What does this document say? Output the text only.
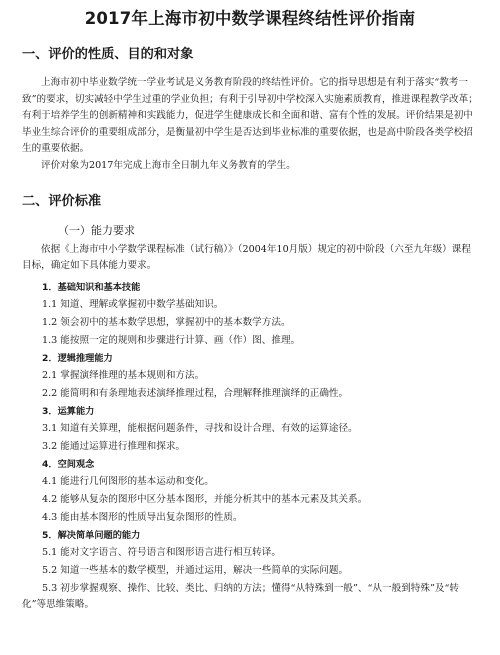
2017年上海市初中数学课程终结性评价指南
一、评价的性质、目的和对象

上海市初中毕业数学统一学业考试是义务教育阶段的终结性评价。它的指导思想是有利于落实“教考一致”的要求，切实减轻中学生过重的学业负担；有利于引导初中学校深入实施素质教育，推进课程教学改革；有利于培养学生的创新精神和实践能力，促进学生健康成长和全面和谐、富有个性的发展。评价结果是初中毕业生综合评价的重要组成部分，是衡量初中学生是否达到毕业标准的重要依据，也是高中阶段各类学校招生的重要依据。

评价对象为2017年完成上海市全日制九年义务教育的学生。

二、评价标准
（一）能力要求

依据《上海市中小学数学课程标准（试行稿）》（2004年10月版）规定的初中阶段（六至九年级）课程目标，确定如下具体能力要求。

1．基础知识和基本技能
1.1 知道、理解或掌握初中数学基础知识。
1.2 领会初中的基本数学思想，掌握初中的基本数学方法。
1.3 能按照一定的规则和步骤进行计算、画（作）图、推理。
2．逻辑推理能力
2.1 掌握演绎推理的基本规则和方法。
2.2 能简明和有条理地表述演绎推理过程，合理解释推理演绎的正确性。
3．运算能力
3.1 知道有关算理，能根据问题条件，寻找和设计合理、有效的运算途径。
3.2 能通过运算进行推理和探求。
4．空间观念
4.1 能进行几何图形的基本运动和变化。
4.2 能够从复杂的图形中区分基本图形，并能分析其中的基本元素及其关系。
4.3 能由基本图形的性质导出复杂图形的性质。
5．解决简单问题的能力
5.1 能对文字语言、符号语言和图形语言进行相互转译。
5.2 知道一些基本的数学模型，并通过运用，解决一些简单的实际问题。
5.3 初步掌握观察、操作、比较、类比、归纳的方法；懂得“从特殊到一般”、“从一般到特殊”及“转化”等思维策略。
